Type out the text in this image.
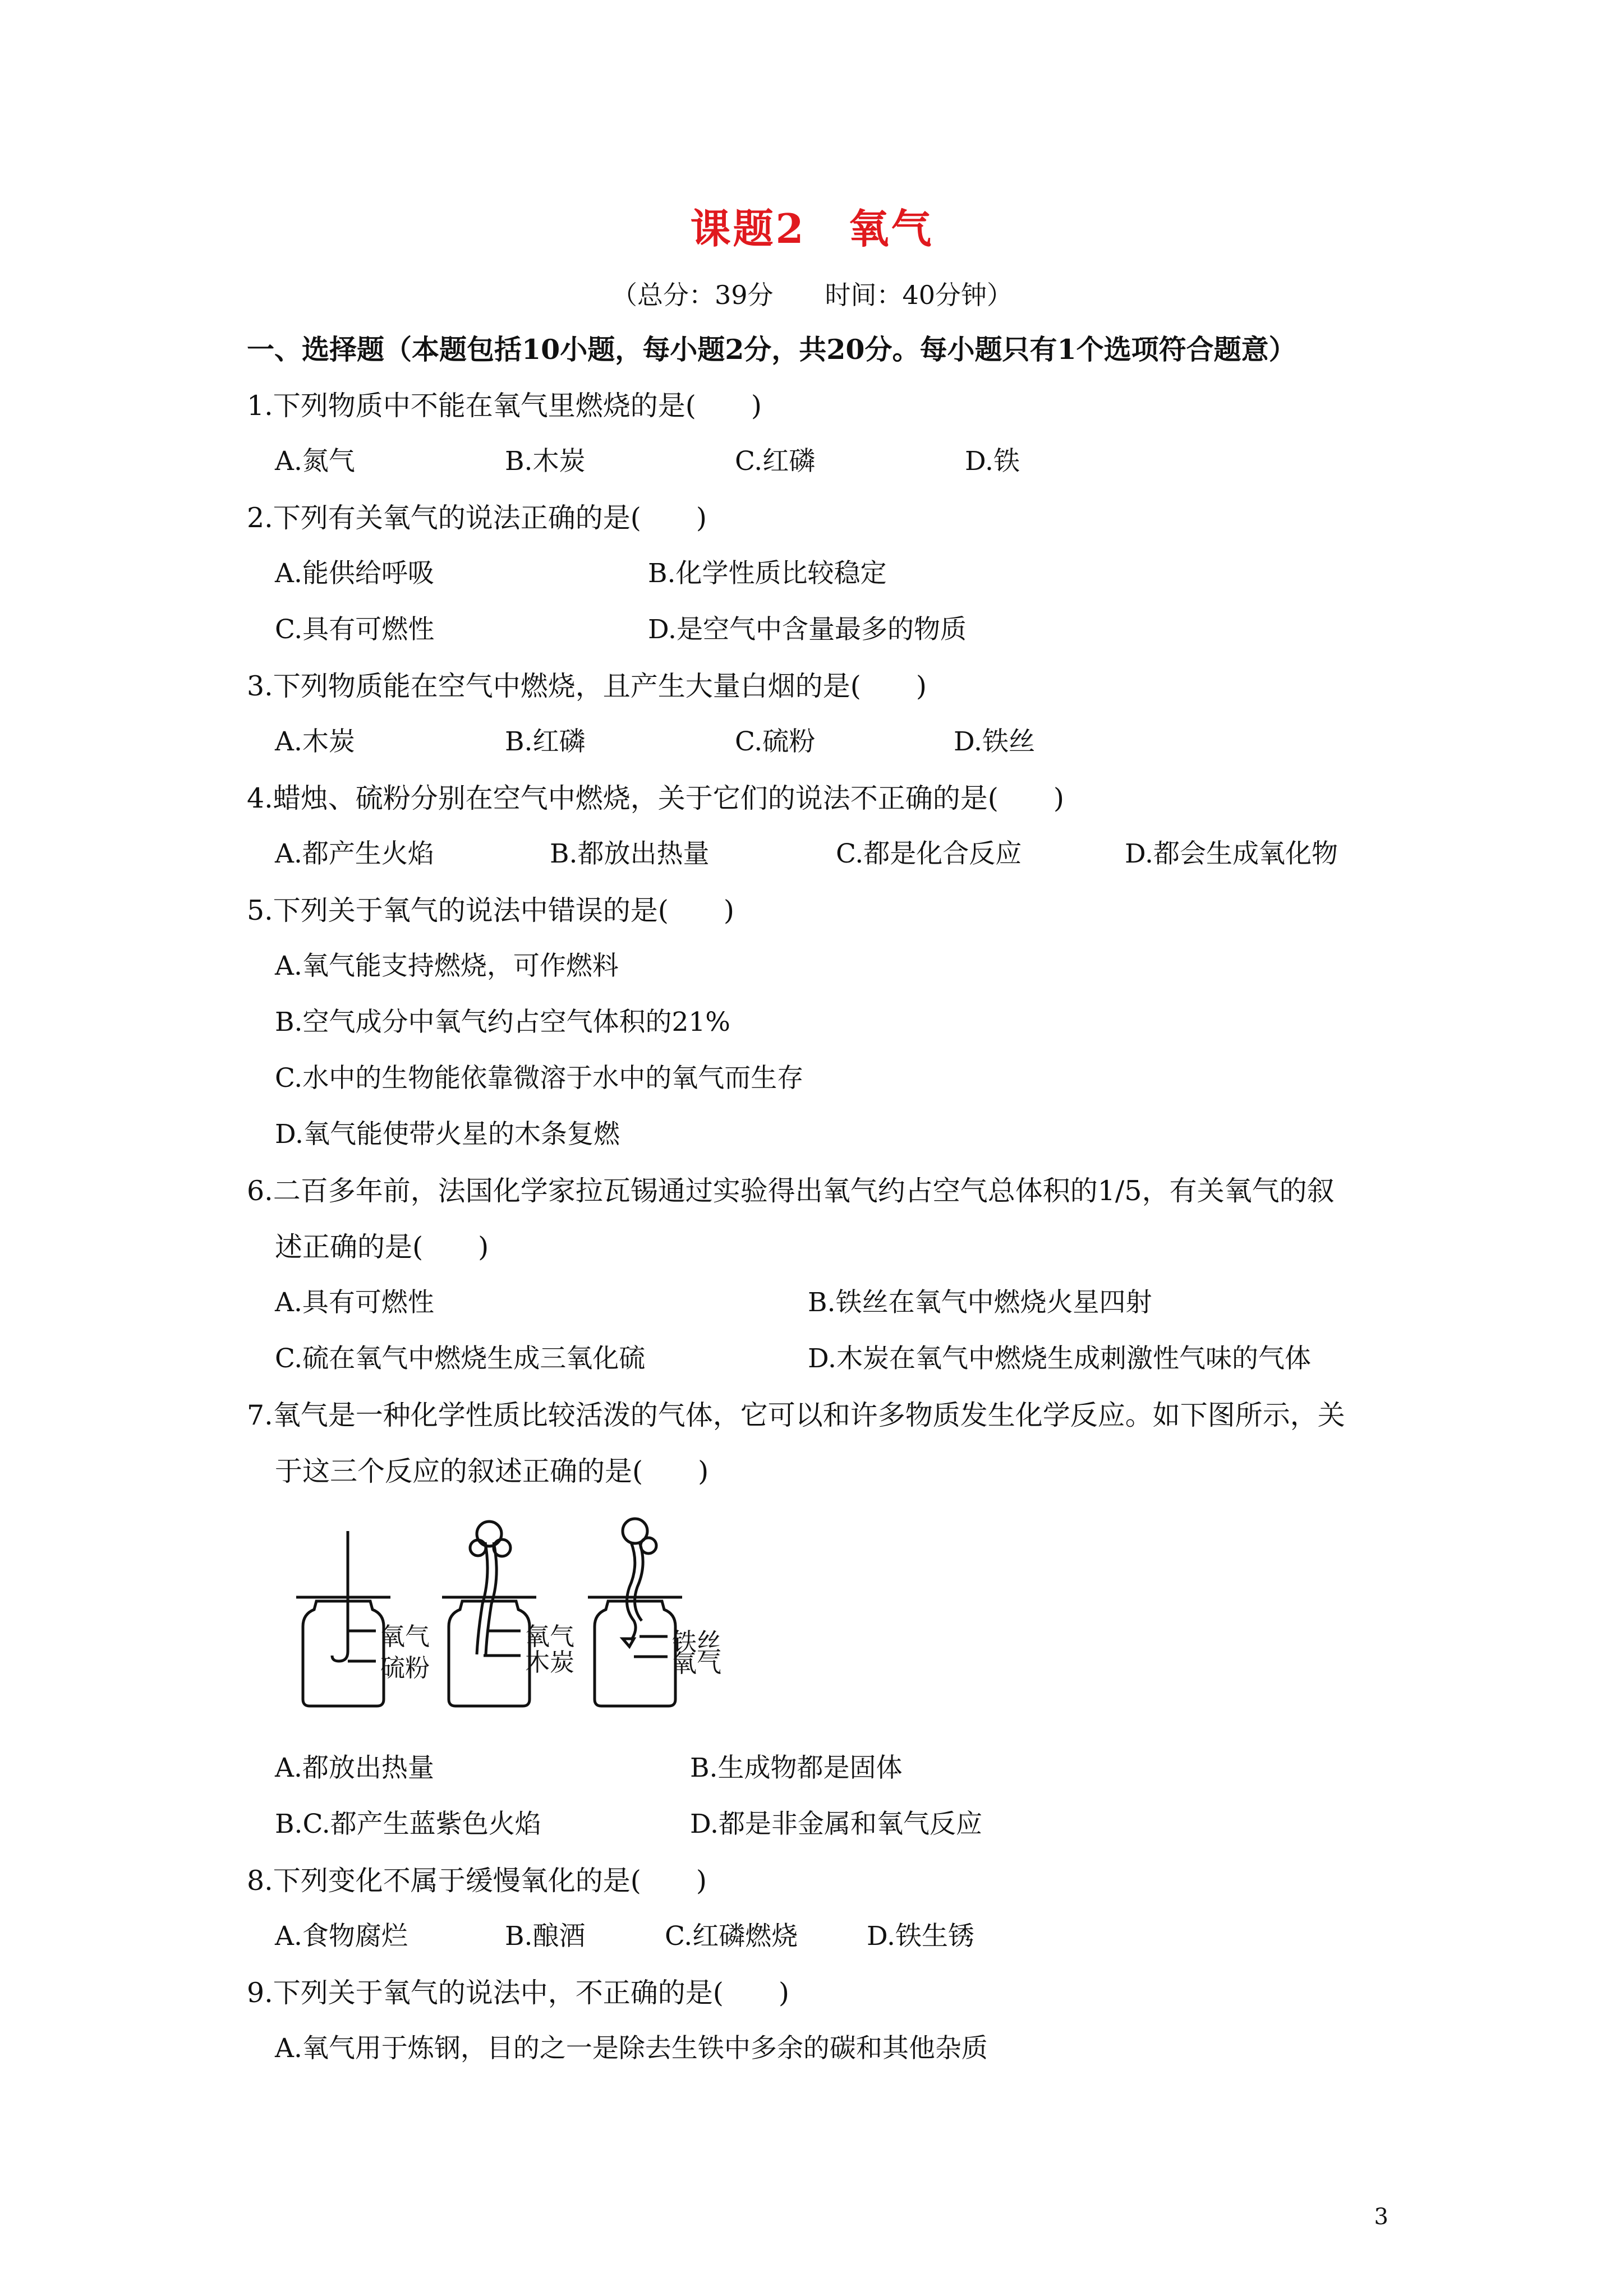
课题2　氧气
（总分：39分　　时间：40分钟）
一、选择题（本题包括10小题，每小题2分，共20分。每小题只有1个选项符合题意）
1.下列物质中不能在氧气里燃烧的是(　　)
A.氮气	B.木炭	C.红磷	D.铁
2.下列有关氧气的说法正确的是(　　)
A.能供给呼吸	B.化学性质比较稳定
C.具有可燃性	D.是空气中含量最多的物质
3.下列物质能在空气中燃烧，且产生大量白烟的是(　　)
A.木炭	B.红磷	C.硫粉	D.铁丝
4.蜡烛、硫粉分别在空气中燃烧，关于它们的说法不正确的是(　　)
A.都产生火焰	B.都放出热量	C.都是化合反应	D.都会生成氧化物
5.下列关于氧气的说法中错误的是(　　)
A.氧气能支持燃烧，可作燃料
B.空气成分中氧气约占空气体积的21%
C.水中的生物能依靠微溶于水中的氧气而生存
D.氧气能使带火星的木条复燃
6.二百多年前，法国化学家拉瓦锡通过实验得出氧气约占空气总体积的1/5，有关氧气的叙
述正确的是(　　)
A.具有可燃性	B.铁丝在氧气中燃烧火星四射
C.硫在氧气中燃烧生成三氧化硫	D.木炭在氧气中燃烧生成刺激性气味的气体
7.氧气是一种化学性质比较活泼的气体，它可以和许多物质发生化学反应。如下图所示，关
于这三个反应的叙述正确的是(　　)
氧气
硫粉
氧气
木炭
铁丝
氧气
A.都放出热量	B.生成物都是固体
B.C.都产生蓝紫色火焰	D.都是非金属和氧气反应
8.下列变化不属于缓慢氧化的是(　　)
A.食物腐烂	B.酿酒	C.红磷燃烧	D.铁生锈
9.下列关于氧气的说法中，不正确的是(　　)
A.氧气用于炼钢，目的之一是除去生铁中多余的碳和其他杂质
3
